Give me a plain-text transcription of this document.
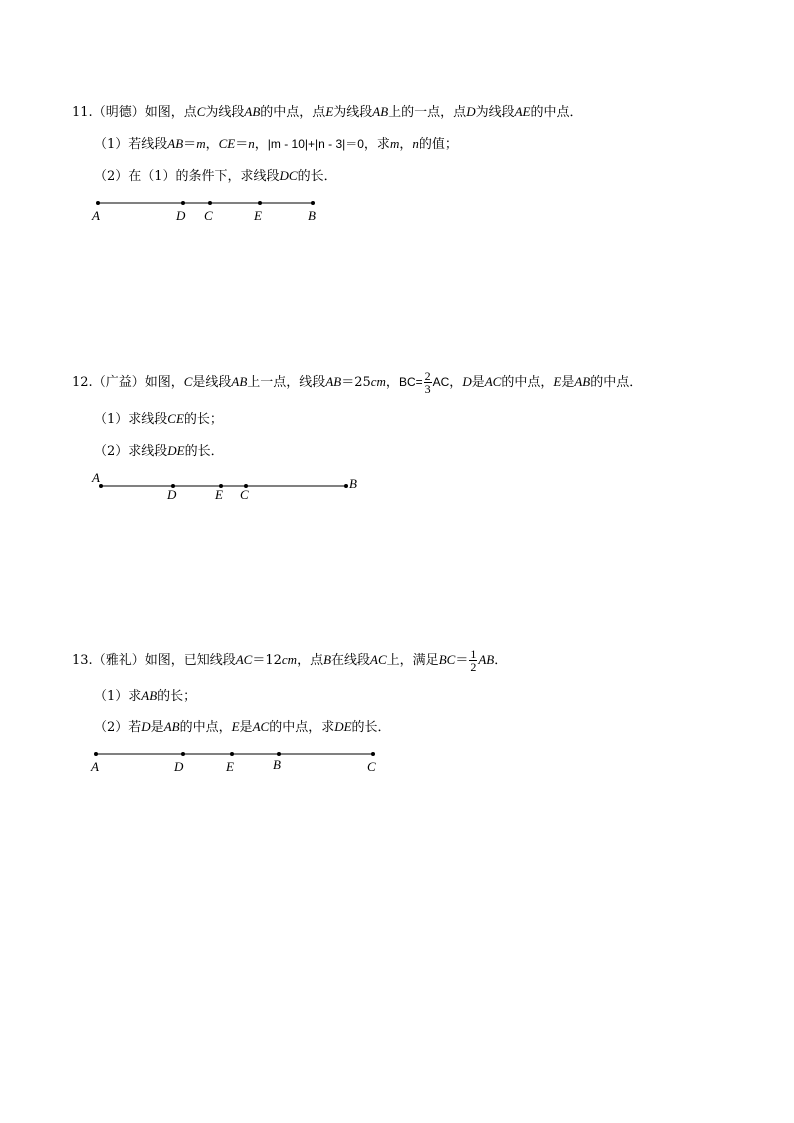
11.（明德）如图，点C为线段AB的中点，点E为线段AB上的一点，点D为线段AE的中点．
（1）若线段AB＝m，CE＝n，|m - 10|+|n - 3|＝0，求m，n的值；
（2）在（1）的条件下，求线段DC的长．
A	D C	E	B
A
D	E C
B
A	D	E	B	C
12.（广益）如图，C是线段AB上一点，线段AB＝25cm，$BC= \frac{2}{3}$ AC，D是AC的中点，E是AB的中点．
（1）求线段CE的长；
（2）求线段DE的长．
13.（雅礼）如图，已知线段AC＝12cm，点B在线段AC上，满足$BC= \frac{1}{2}$ AB．
（1）求AB的长；
（2）若D是AB的中点，E是AC的中点，求DE的长．
